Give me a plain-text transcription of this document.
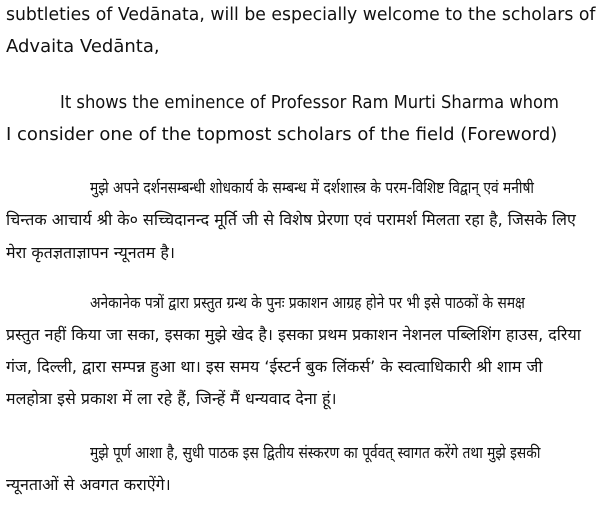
subtleties of Vedānata, will be especially welcome to the scholars of
Advaita Vedānta,
It shows the eminence of Professor Ram Murti Sharma whom
I consider one of the topmost scholars of the field (Foreword)
मुझे अपने दर्शनसम्बन्धी शोधकार्य के सम्बन्ध में दर्शशास्त्र के परम-विशिष्ट विद्वान् एवं मनीषी
चिन्तक आचार्य श्री के० सच्चिदानन्द मूर्ति जी से विशेष प्रेरणा एवं परामर्श मिलता रहा है, जिसके लिए
मेरा कृतज्ञताज्ञापन न्यूनतम है।
अनेकानेक पत्रों द्वारा प्रस्तुत ग्रन्थ के पुनः प्रकाशन आग्रह होने पर भी इसे पाठकों के समक्ष
प्रस्तुत नहीं किया जा सका, इसका मुझे खेद है। इसका प्रथम प्रकाशन नेशनल पब्लिशिंग हाउस, दरिया
गंज, दिल्ली, द्वारा सम्पन्न हुआ था। इस समय ‘ईस्टर्न बुक लिंकर्स’ के स्वत्वाधिकारी श्री शाम जी
मलहोत्रा इसे प्रकाश में ला रहे हैं, जिन्हें मैं धन्यवाद देना हूं।
मुझे पूर्ण आशा है, सुधी पाठक इस द्वितीय संस्करण का पूर्ववत् स्वागत करेंगे तथा मुझे इसकी
न्यूनताओं से अवगत कराऐंगे।
